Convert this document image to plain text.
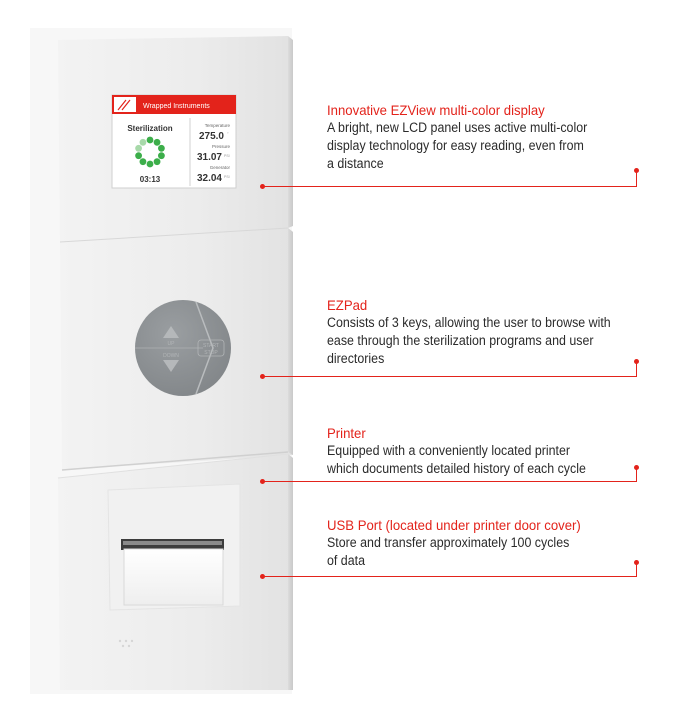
Wrapped Instruments
Sterilization
03:13
Temperature
275.0 °
Pressure
31.07 PSI
Generator
32.04 PSI
UP
DOWN
START
STOP

Innovative EZView multi-color display

A bright, new LCD panel uses active multi-color

display technology for easy reading, even from

a distance

EZPad

Consists of 3 keys, allowing the user to browse with

ease through the sterilization programs and user

directories

Printer

Equipped with a conveniently located printer

which documents detailed history of each cycle

USB Port (located under printer door cover)

Store and transfer approximately 100 cycles

of data
